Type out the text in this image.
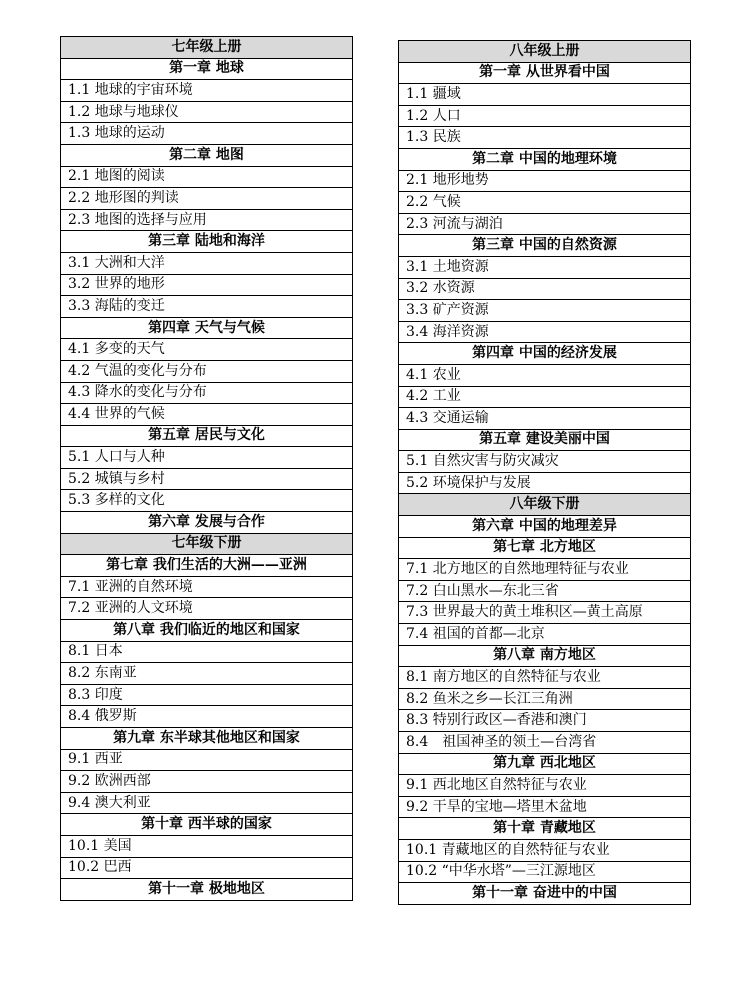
七年级上册
第一章 地球
1.1 地球的宇宙环境
1.2 地球与地球仪
1.3 地球的运动
第二章 地图
2.1 地图的阅读
2.2 地形图的判读
2.3 地图的选择与应用
第三章 陆地和海洋
3.1 大洲和大洋
3.2 世界的地形
3.3 海陆的变迁
第四章 天气与气候
4.1 多变的天气
4.2 气温的变化与分布
4.3 降水的变化与分布
4.4 世界的气候
第五章 居民与文化
5.1 人口与人种
5.2 城镇与乡村
5.3 多样的文化
第六章 发展与合作
七年级下册
第七章 我们生活的大洲——亚洲
7.1 亚洲的自然环境
7.2 亚洲的人文环境
第八章 我们临近的地区和国家
8.1 日本
8.2 东南亚
8.3 印度
8.4 俄罗斯
第九章 东半球其他地区和国家
9.1 西亚
9.2 欧洲西部
9.4 澳大利亚
第十章 西半球的国家
10.1 美国
10.2 巴西
第十一章 极地地区
八年级上册
第一章 从世界看中国
1.1 疆域
1.2 人口
1.3 民族
第二章 中国的地理环境
2.1 地形地势
2.2 气候
2.3 河流与湖泊
第三章 中国的自然资源
3.1 土地资源
3.2 水资源
3.3 矿产资源
3.4 海洋资源
第四章 中国的经济发展
4.1 农业
4.2 工业
4.3 交通运输
第五章 建设美丽中国
5.1 自然灾害与防灾减灾
5.2 环境保护与发展
八年级下册
第六章 中国的地理差异
第七章 北方地区
7.1 北方地区的自然地理特征与农业
7.2 白山黑水—东北三省
7.3 世界最大的黄土堆积区—黄土高原
7.4 祖国的首都—北京
第八章 南方地区
8.1 南方地区的自然特征与农业
8.2 鱼米之乡—长江三角洲
8.3 特别行政区—香港和澳门
8.4　祖国神圣的领土—台湾省
第九章 西北地区
9.1 西北地区自然特征与农业
9.2 干旱的宝地—塔里木盆地
第十章 青藏地区
10.1 青藏地区的自然特征与农业
10.2 “中华水塔”—三江源地区
第十一章 奋进中的中国
